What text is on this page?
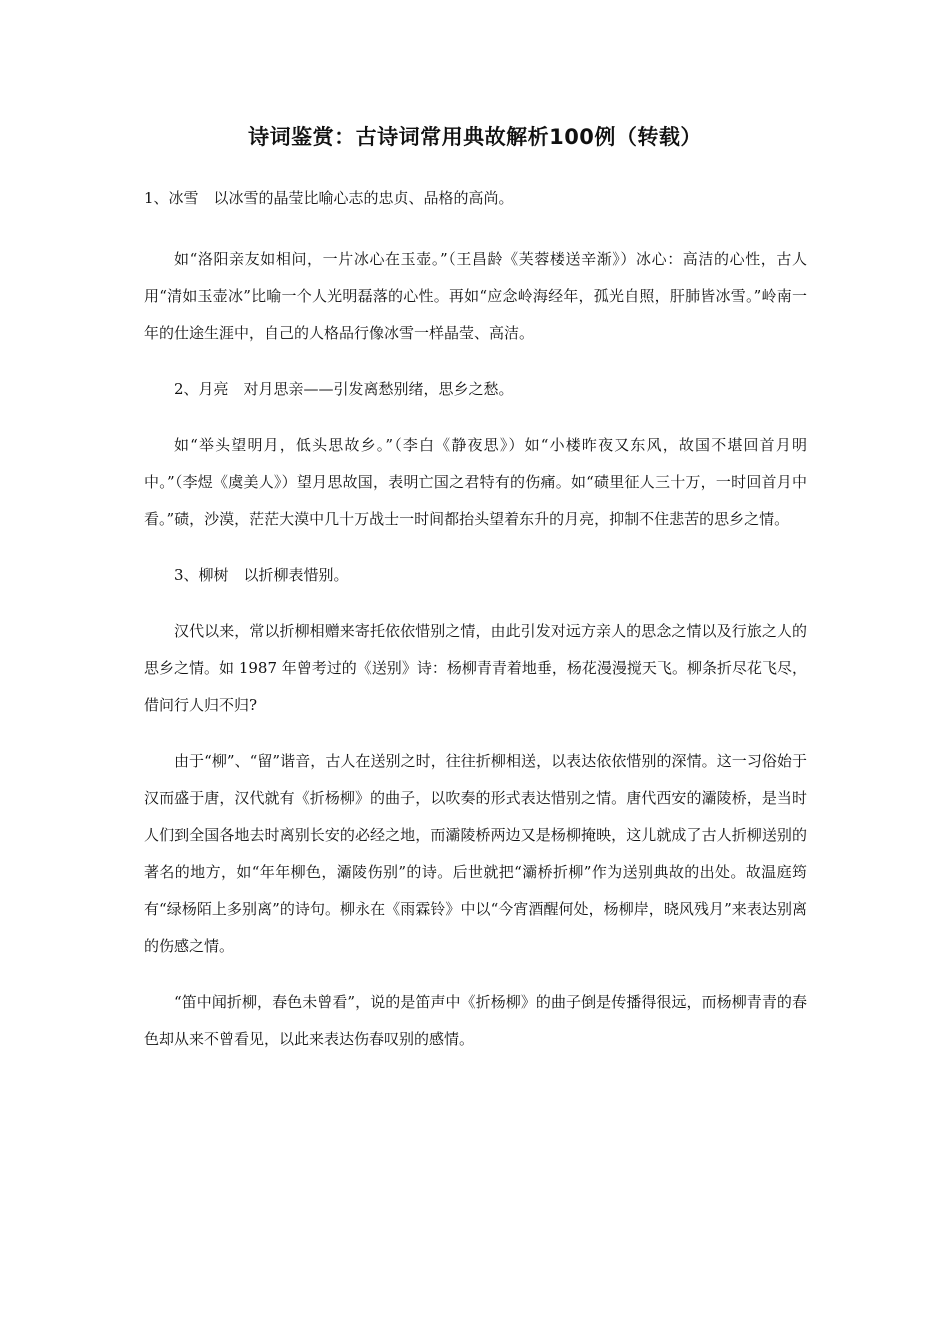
诗词鉴赏：古诗词常用典故解析100例（转载）
1、冰雪　以冰雪的晶莹比喻心志的忠贞、品格的高尚。

如“洛阳亲友如相问，一片冰心在玉壶。”（王昌龄《芙蓉楼送辛渐》）冰心：高洁的心性，古人用“清如玉壶冰”比喻一个人光明磊落的心性。再如“应念岭海经年，孤光自照，肝肺皆冰雪。”岭南一年的仕途生涯中，自己的人格品行像冰雪一样晶莹、高洁。

2、月亮　对月思亲——引发离愁别绪，思乡之愁。

如“举头望明月，低头思故乡。”（李白《静夜思》）如“小楼昨夜又东风，故国不堪回首月明中。”（李煜《虞美人》）望月思故国，表明亡国之君特有的伤痛。如“碛里征人三十万，一时回首月中看。”碛，沙漠，茫茫大漠中几十万战士一时间都抬头望着东升的月亮，抑制不住悲苦的思乡之情。

3、柳树　以折柳表惜别。

汉代以来，常以折柳相赠来寄托依依惜别之情，由此引发对远方亲人的思念之情以及行旅之人的思乡之情。如 1987 年曾考过的《送别》诗：杨柳青青着地垂，杨花漫漫搅天飞。柳条折尽花飞尽，借问行人归不归?

由于“柳”、“留”谐音，古人在送别之时，往往折柳相送，以表达依依惜别的深情。这一习俗始于汉而盛于唐，汉代就有《折杨柳》的曲子，以吹奏的形式表达惜别之情。唐代西安的灞陵桥，是当时人们到全国各地去时离别长安的必经之地，而灞陵桥两边又是杨柳掩映，这儿就成了古人折柳送别的著名的地方，如“年年柳色，灞陵伤别”的诗。后世就把“灞桥折柳”作为送别典故的出处。故温庭筠有“绿杨陌上多别离”的诗句。柳永在《雨霖铃》中以“今宵酒醒何处，杨柳岸，晓风残月”来表达别离的伤感之情。

“笛中闻折柳，春色未曾看”，说的是笛声中《折杨柳》的曲子倒是传播得很远，而杨柳青青的春色却从来不曾看见，以此来表达伤春叹别的感情。
